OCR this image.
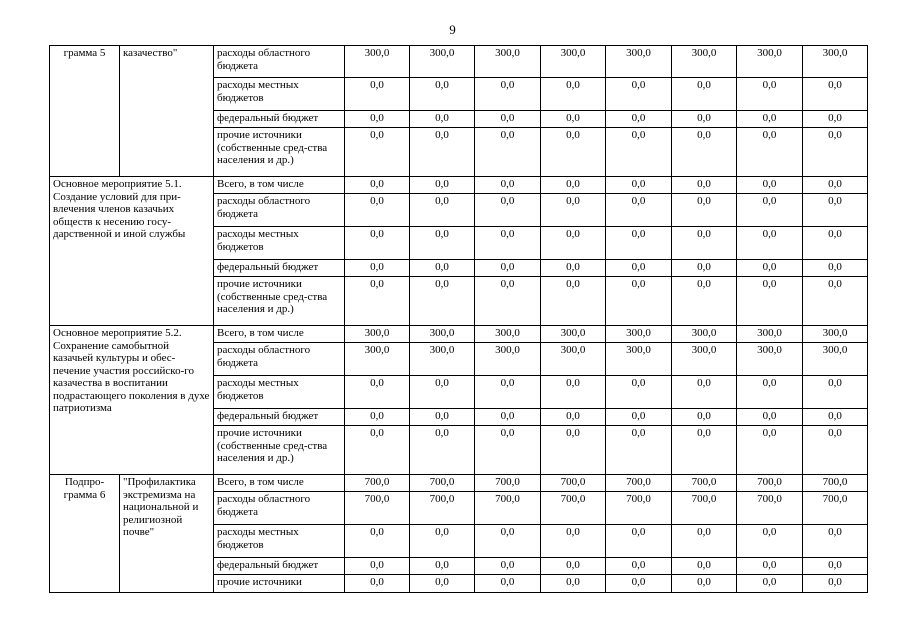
9
грамма 5	казачество"	расходы областного бюджета	300,0	300,0	300,0	300,0	300,0	300,0	300,0	300,0
		расходы местных бюджетов	0,0	0,0	0,0	0,0	0,0	0,0	0,0	0,0
		федеральный бюджет	0,0	0,0	0,0	0,0	0,0	0,0	0,0	0,0
		прочие источники (собственные сред-ства населения и др.)	0,0	0,0	0,0	0,0	0,0	0,0	0,0	0,0
Основное мероприятие 5.1. Создание условий для при-влечения членов казачьих обществ к несению госу-дарственной и иной службы		Всего, в том числе	0,0	0,0	0,0	0,0	0,0	0,0	0,0	0,0
		расходы областного бюджета	0,0	0,0	0,0	0,0	0,0	0,0	0,0	0,0
		расходы местных бюджетов	0,0	0,0	0,0	0,0	0,0	0,0	0,0	0,0
		федеральный бюджет	0,0	0,0	0,0	0,0	0,0	0,0	0,0	0,0
		прочие источники (собственные сред-ства населения и др.)	0,0	0,0	0,0	0,0	0,0	0,0	0,0	0,0
Основное мероприятие 5.2. Сохранение самобытной казачьей культуры и обес-печение участия российско-го казачества в воспитании подрастающего поколения в духе патриотизма		Всего, в том числе	300,0	300,0	300,0	300,0	300,0	300,0	300,0	300,0
		расходы областного бюджета	300,0	300,0	300,0	300,0	300,0	300,0	300,0	300,0
		расходы местных бюджетов	0,0	0,0	0,0	0,0	0,0	0,0	0,0	0,0
		федеральный бюджет	0,0	0,0	0,0	0,0	0,0	0,0	0,0	0,0
		прочие источники (собственные сред-ства населения и др.)	0,0	0,0	0,0	0,0	0,0	0,0	0,0	0,0
Подпро-грамма 6	"Профилактика экстремизма на национальной и религиозной почве"	Всего, в том числе	700,0	700,0	700,0	700,0	700,0	700,0	700,0	700,0
		расходы областного бюджета	700,0	700,0	700,0	700,0	700,0	700,0	700,0	700,0
		расходы местных бюджетов	0,0	0,0	0,0	0,0	0,0	0,0	0,0	0,0
		федеральный бюджет	0,0	0,0	0,0	0,0	0,0	0,0	0,0	0,0
		прочие источники	0,0	0,0	0,0	0,0	0,0	0,0	0,0	0,0
